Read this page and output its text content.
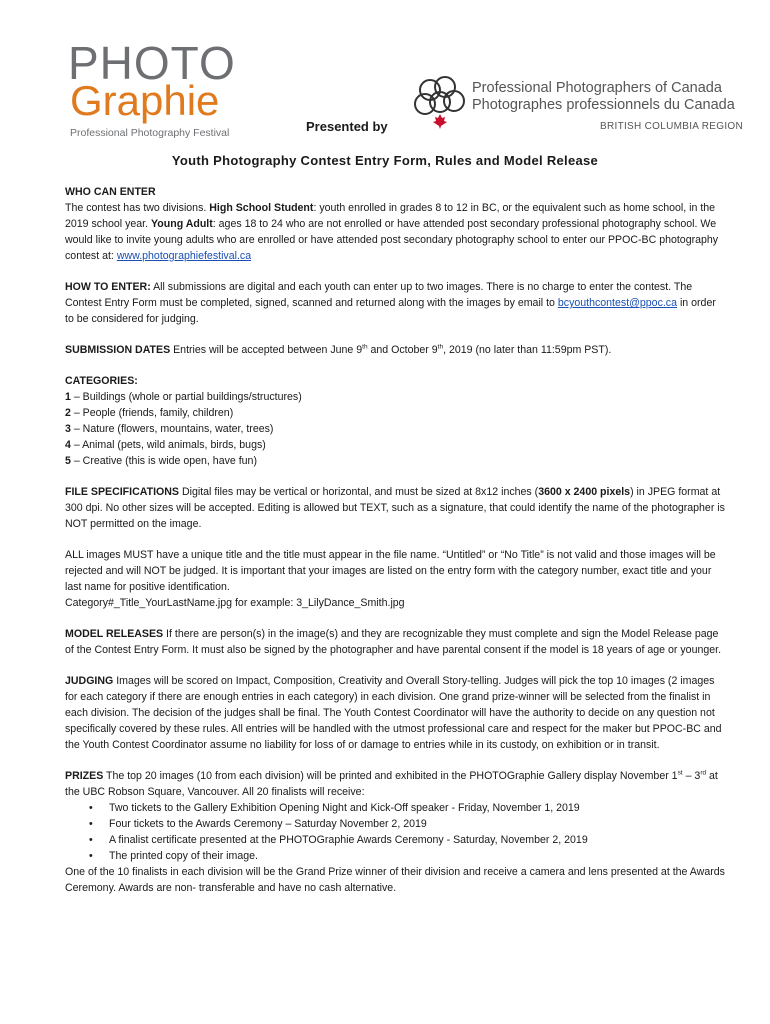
PHOTO
Graphie
Professional Photography Festival	Presented by
Professional Photographers of Canada
Photographes professionnels du Canada
BRITISH COLUMBIA REGION
Youth Photography Contest Entry Form, Rules and Model Release

WHO CAN ENTER
The contest has two divisions. High School Student: youth enrolled in grades 8 to 12 in BC, or the equivalent such as home school, in the 2019 school year. Young Adult: ages 18 to 24 who are not enrolled or have attended post secondary professional photography school. We would like to invite young adults who are enrolled or have attended post secondary photography school to enter our PPOC-BC photography contest at: www.photographiefestival.ca

HOW TO ENTER: All submissions are digital and each youth can enter up to two images. There is no charge to enter the contest. The Contest Entry Form must be completed, signed, scanned and returned along with the images by email to bcyouthcontest@ppoc.ca in order to be considered for judging.

SUBMISSION DATES Entries will be accepted between June 9th and October 9th, 2019 (no later than 11:59pm PST).

CATEGORIES:
1 – Buildings (whole or partial buildings/structures)
2 – People (friends, family, children)
3 – Nature (flowers, mountains, water, trees)
4 – Animal (pets, wild animals, birds, bugs)
5 – Creative (this is wide open, have fun)

FILE SPECIFICATIONS Digital files may be vertical or horizontal, and must be sized at 8x12 inches (3600 x 2400 pixels) in JPEG format at 300 dpi. No other sizes will be accepted. Editing is allowed but TEXT, such as a signature, that could identify the name of the photographer is NOT permitted on the image.

ALL images MUST have a unique title and the title must appear in the file name. “Untitled” or “No Title” is not valid and those images will be rejected and will NOT be judged. It is important that your images are listed on the entry form with the category number, exact title and your last name for positive identification.
Category#_Title_YourLastName.jpg for example: 3_LilyDance_Smith.jpg

MODEL RELEASES If there are person(s) in the image(s) and they are recognizable they must complete and sign the Model Release page of the Contest Entry Form. It must also be signed by the photographer and have parental consent if the model is 18 years of age or younger.

JUDGING Images will be scored on Impact, Composition, Creativity and Overall Story-telling. Judges will pick the top 10 images (2 images for each category if there are enough entries in each category) in each division. One grand prize-winner will be selected from the finalist in each division. The decision of the judges shall be final. The Youth Contest Coordinator will have the authority to decide on any question not specifically covered by these rules. All entries will be handled with the utmost professional care and respect for the maker but PPOC-BC and the Youth Contest Coordinator assume no liability for loss of or damage to entries while in its custody, on exhibition or in transit.

PRIZES The top 20 images (10 from each division) will be printed and exhibited in the PHOTOGraphie Gallery display November 1st – 3rd at the UBC Robson Square, Vancouver. All 20 finalists will receive:

• Two tickets to the Gallery Exhibition Opening Night and Kick-Off speaker - Friday, November 1, 2019
• Four tickets to the Awards Ceremony – Saturday November 2, 2019
• A finalist certificate presented at the PHOTOGraphie Awards Ceremony - Saturday, November 2, 2019
• The printed copy of their image.

One of the 10 finalists in each division will be the Grand Prize winner of their division and receive a camera and lens presented at the Awards Ceremony. Awards are non- transferable and have no cash alternative.
